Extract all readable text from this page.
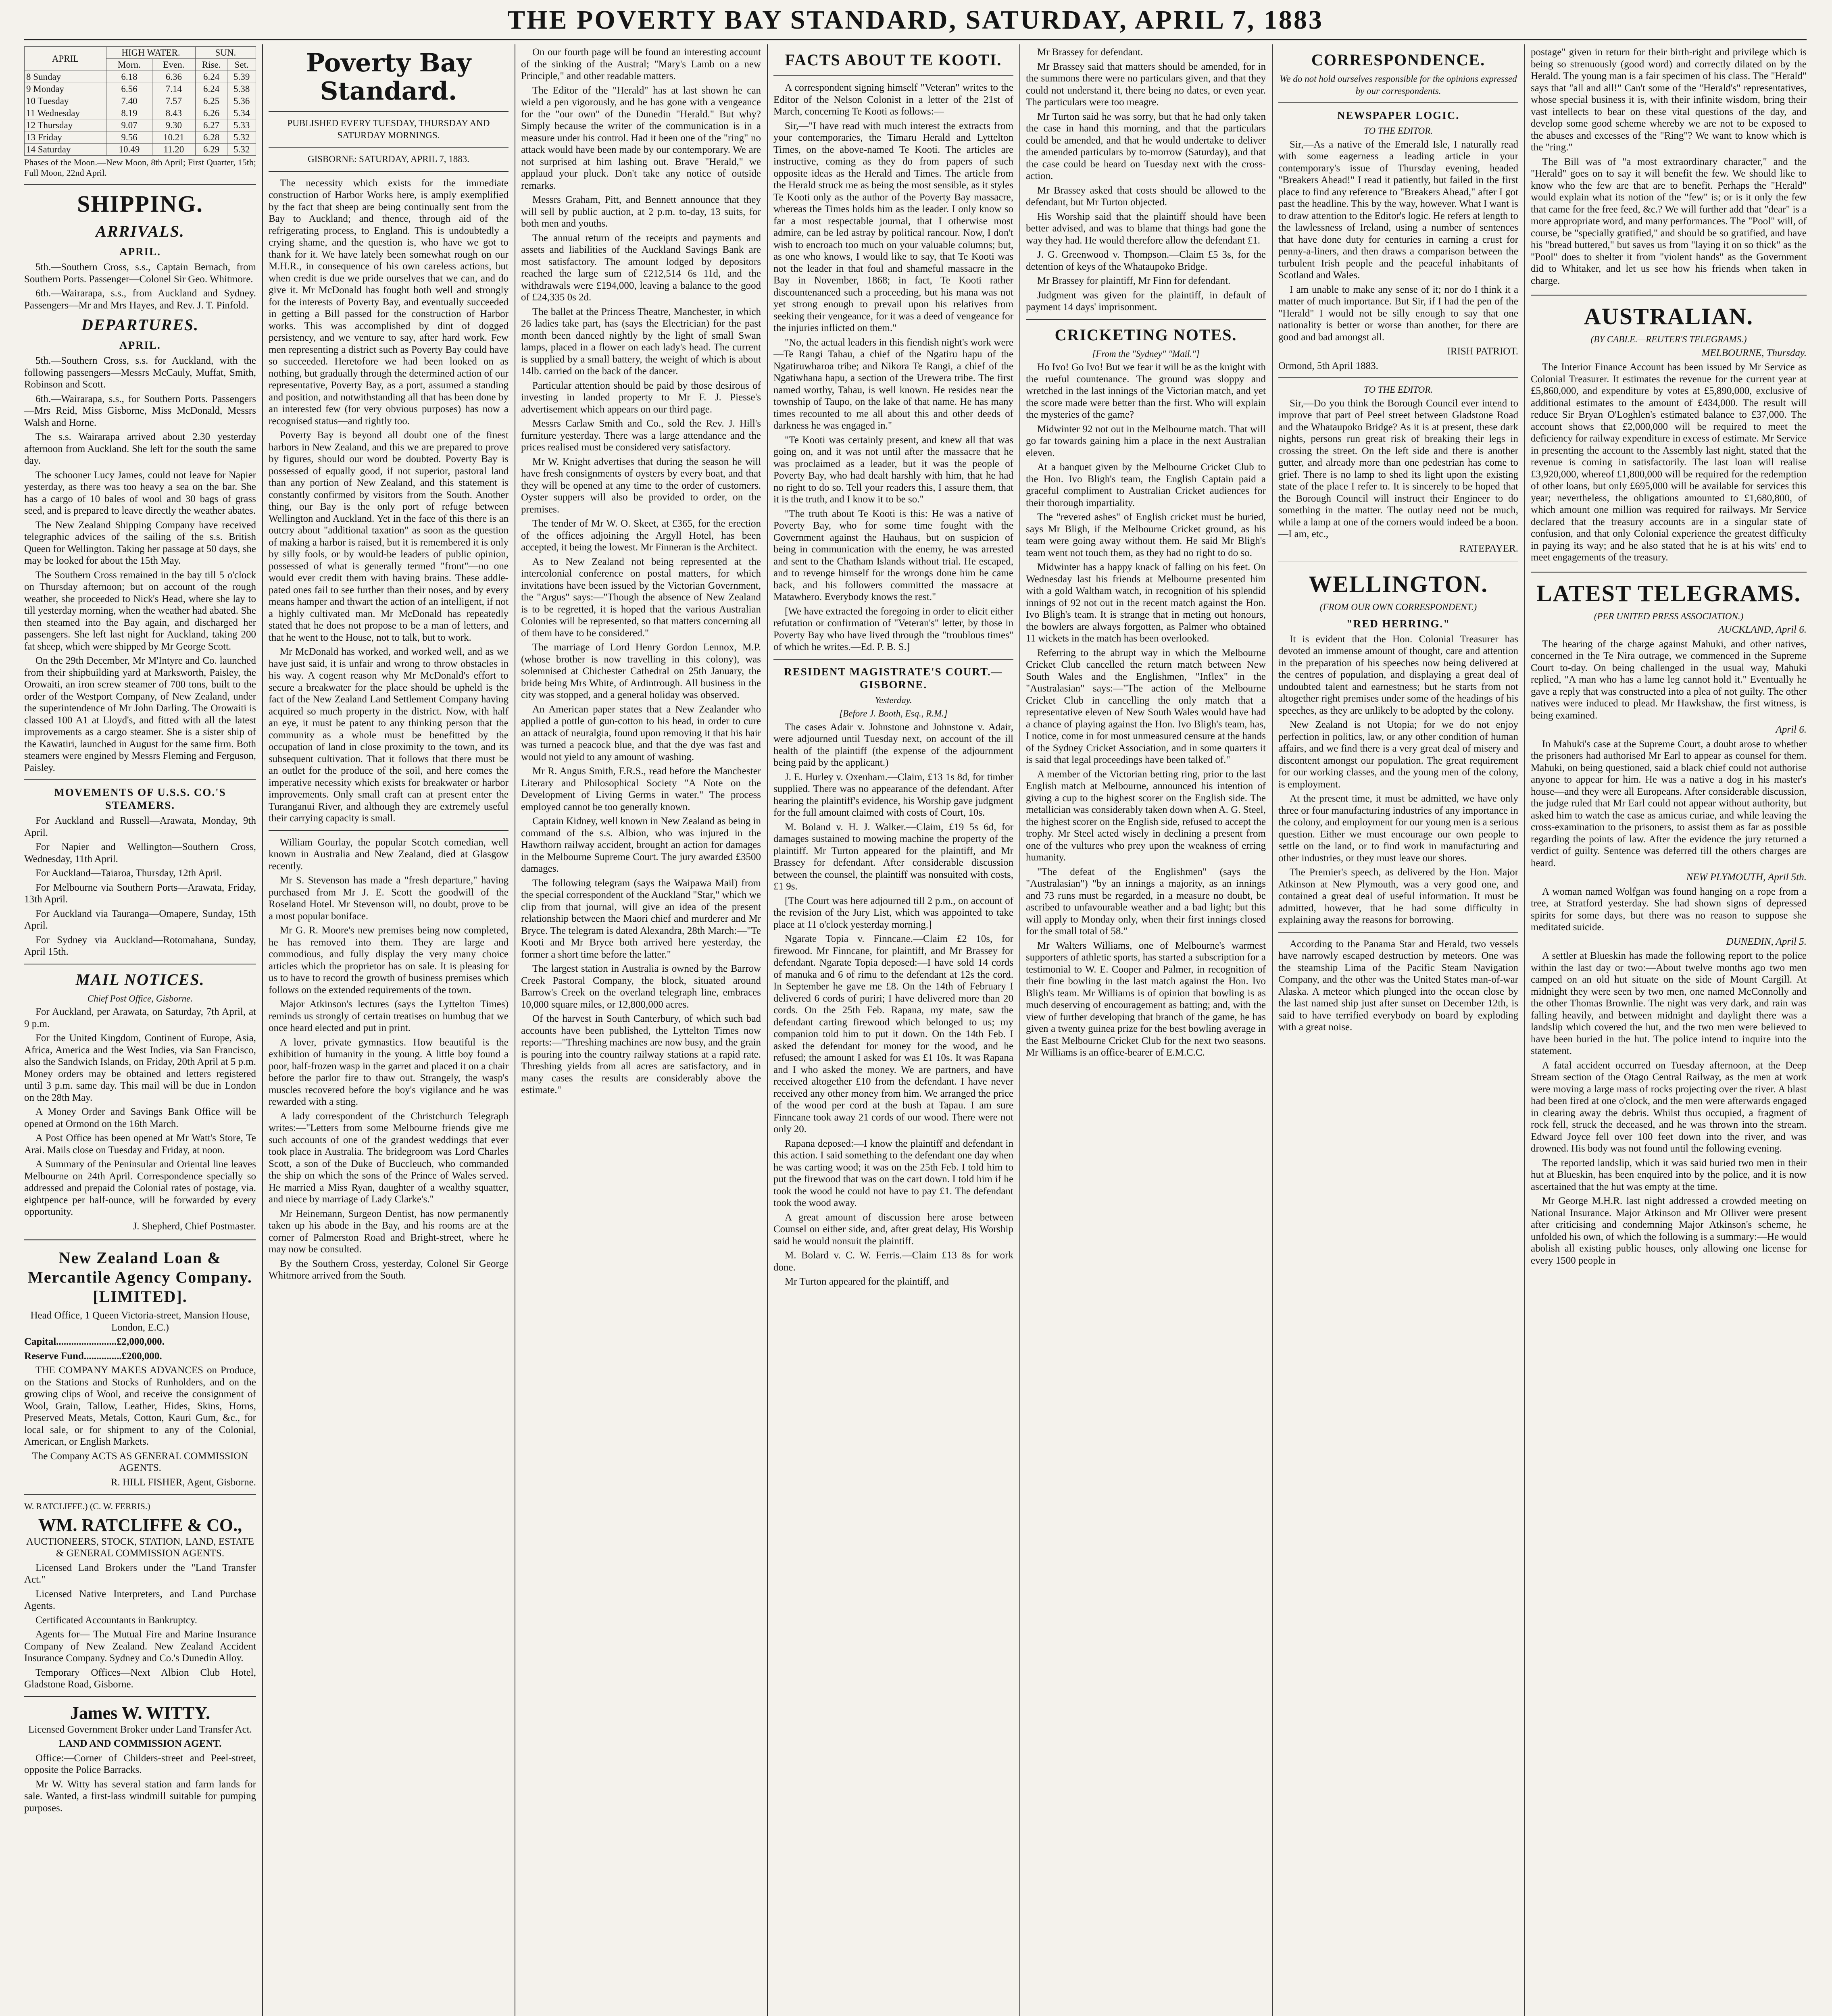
THE POVERTY BAY STANDARD, SATURDAY, APRIL 7, 1883
APRIL	HIGH WATER.		SUN.	
	Morn.	Even.	Rise.	Set.
8 Sunday	6.18	6.36	6.24	5.39
9 Monday	6.56	7.14	6.24	5.38
10 Tuesday	7.40	7.57	6.25	5.36
11 Wednesday	8.19	8.43	6.26	5.34
12 Thursday	9.07	9.30	6.27	5.33
13 Friday	9.56	10.21	6.28	5.32
14 Saturday	10.49	11.20	6.29	5.32

Phases of the Moon.—New Moon, 8th April; First Quarter, 15th; Full Moon, 22nd April.

SHIPPING.
ARRIVALS.
APRIL.

5th.—Southern Cross, s.s., Captain Bernach, from Southern Ports. Passenger—Colonel Sir Geo. Whitmore.

6th.—Wairarapa, s.s., from Auckland and Sydney. Passengers—Mr and Mrs Hayes, and Rev. J. T. Pinfold.

DEPARTURES.
APRIL.

5th.—Southern Cross, s.s. for Auckland, with the following passengers—Messrs McCauly, Muffat, Smith, Robinson and Scott.

6th.—Wairarapa, s.s., for Southern Ports. Passengers—Mrs Reid, Miss Gisborne, Miss McDonald, Messrs Walsh and Horne.

The s.s. Wairarapa arrived about 2.30 yesterday afternoon from Auckland. She left for the south the same day.

The schooner Lucy James, could not leave for Napier yesterday, as there was too heavy a sea on the bar. She has a cargo of 10 bales of wool and 30 bags of grass seed, and is prepared to leave directly the weather abates.

The New Zealand Shipping Company have received telegraphic advices of the sailing of the s.s. British Queen for Wellington. Taking her passage at 50 days, she may be looked for about the 15th May.

The Southern Cross remained in the bay till 5 o'clock on Thursday afternoon; but on account of the rough weather, she proceeded to Nick's Head, where she lay to till yesterday morning, when the weather had abated. She then steamed into the Bay again, and discharged her passengers. She left last night for Auckland, taking 200 fat sheep, which were shipped by Mr George Scott.

On the 29th December, Mr M'Intyre and Co. launched from their shipbuilding yard at Marksworth, Paisley, the Orowaiti, an iron screw steamer of 700 tons, built to the order of the Westport Company, of New Zealand, under the superintendence of Mr John Darling. The Orowaiti is classed 100 A1 at Lloyd's, and fitted with all the latest improvements as a cargo steamer. She is a sister ship of the Kawatiri, launched in August for the same firm. Both steamers were engined by Messrs Fleming and Ferguson, Paisley.

MOVEMENTS OF U.S.S. CO.'S STEAMERS.

For Auckland and Russell—Arawata, Monday, 9th April.

For Napier and Wellington—Southern Cross, Wednesday, 11th April.

For Auckland—Taiaroa, Thursday, 12th April.

For Melbourne via Southern Ports—Arawata, Friday, 13th April.

For Auckland via Tauranga—Omapere, Sunday, 15th April.

For Sydney via Auckland—Rotomahana, Sunday, April 15th.

MAIL NOTICES.
Chief Post Office, Gisborne.

For Auckland, per Arawata, on Saturday, 7th April, at 9 p.m.

For the United Kingdom, Continent of Europe, Asia, Africa, America and the West Indies, via San Francisco, also the Sandwich Islands, on Friday, 20th April at 5 p.m. Money orders may be obtained and letters registered until 3 p.m. same day. This mail will be due in London on the 28th May.

A Money Order and Savings Bank Office will be opened at Ormond on the 16th March.

A Post Office has been opened at Mr Watt's Store, Te Arai. Mails close on Tuesday and Friday, at noon.

A Summary of the Peninsular and Oriental line leaves Melbourne on 24th April. Correspondence specially so addressed and prepaid the Colonial rates of postage, via. eightpence per half-ounce, will be forwarded by every opportunity.

J. Shepherd, Chief Postmaster.

New Zealand Loan & Mercantile Agency Company. [LIMITED].

Head Office, 1 Queen Victoria-street, Mansion House, London, E.C.)

Capital........................£2,000,000.

Reserve Fund...............£200,000.

THE COMPANY MAKES ADVANCES on Produce, on the Stations and Stocks of Runholders, and on the growing clips of Wool, and receive the consignment of Wool, Grain, Tallow, Leather, Hides, Skins, Horns, Preserved Meats, Metals, Cotton, Kauri Gum, &c., for local sale, or for shipment to any of the Colonial, American, or English Markets.

The Company ACTS AS GENERAL COMMISSION AGENTS.

R. HILL FISHER, Agent, Gisborne.

W. RATCLIFFE.) (C. W. FERRIS.)

WM. RATCLIFFE & CO.,

AUCTIONEERS, STOCK, STATION, LAND, ESTATE & GENERAL COMMISSION AGENTS.

Licensed Land Brokers under the "Land Transfer Act."

Licensed Native Interpreters, and Land Purchase Agents.

Certificated Accountants in Bankruptcy.

Agents for— The Mutual Fire and Marine Insurance Company of New Zealand. New Zealand Accident Insurance Company. Sydney and Co.'s Dunedin Alloy.

Temporary Offices—Next Albion Club Hotel, Gladstone Road, Gisborne.

James W. WITTY.

Licensed Government Broker under Land Transfer Act.

LAND AND COMMISSION AGENT.

Office:—Corner of Childers-street and Peel-street, opposite the Police Barracks.

Mr W. Witty has several station and farm lands for sale. Wanted, a first-lass windmill suitable for pumping purposes.

Poverty Bay Standard.

PUBLISHED EVERY TUESDAY, THURSDAY AND SATURDAY MORNINGS.

GISBORNE: SATURDAY, APRIL 7, 1883.

The necessity which exists for the immediate construction of Harbor Works here, is amply exemplified by the fact that sheep are being continually sent from the Bay to Auckland; and thence, through aid of the refrigerating process, to England. This is undoubtedly a crying shame, and the question is, who have we got to thank for it. We have lately been somewhat rough on our M.H.R., in consequence of his own careless actions, but when credit is due we pride ourselves that we can, and do give it. Mr McDonald has fought both well and strongly for the interests of Poverty Bay, and eventually succeeded in getting a Bill passed for the construction of Harbor works. This was accomplished by dint of dogged persistency, and we venture to say, after hard work. Few men representing a district such as Poverty Bay could have so succeeded. Heretofore we had been looked on as nothing, but gradually through the determined action of our representative, Poverty Bay, as a port, assumed a standing and position, and notwithstanding all that has been done by an interested few (for very obvious purposes) has now a recognised status—and rightly too.

Poverty Bay is beyond all doubt one of the finest harbors in New Zealand, and this we are prepared to prove by figures, should our word be doubted. Poverty Bay is possessed of equally good, if not superior, pastoral land than any portion of New Zealand, and this statement is constantly confirmed by visitors from the South. Another thing, our Bay is the only port of refuge between Wellington and Auckland. Yet in the face of this there is an outcry about "additional taxation" as soon as the question of making a harbor is raised, but it is remembered it is only by silly fools, or by would-be leaders of public opinion, possessed of what is generally termed "front"—no one would ever credit them with having brains. These addle-pated ones fail to see further than their noses, and by every means hamper and thwart the action of an intelligent, if not a highly cultivated man. Mr McDonald has repeatedly stated that he does not propose to be a man of letters, and that he went to the House, not to talk, but to work.

Mr McDonald has worked, and worked well, and as we have just said, it is unfair and wrong to throw obstacles in his way. A cogent reason why Mr McDonald's effort to secure a breakwater for the place should be upheld is the fact of the New Zealand Land Settlement Company having acquired so much property in the district. Now, with half an eye, it must be patent to any thinking person that the community as a whole must be benefitted by the occupation of land in close proximity to the town, and its subsequent cultivation. That it follows that there must be an outlet for the produce of the soil, and here comes the imperative necessity which exists for breakwater or harbor improvements. Only small craft can at present enter the Turanganui River, and although they are extremely useful their carrying capacity is small.

William Gourlay, the popular Scotch comedian, well known in Australia and New Zealand, died at Glasgow recently.

Mr S. Stevenson has made a "fresh departure," having purchased from Mr J. E. Scott the goodwill of the Roseland Hotel. Mr Stevenson will, no doubt, prove to be a most popular boniface.

Mr G. R. Moore's new premises being now completed, he has removed into them. They are large and commodious, and fully display the very many choice articles which the proprietor has on sale. It is pleasing for us to have to record the growth of business premises which follows on the extended requirements of the town.

Major Atkinson's lectures (says the Lyttelton Times) reminds us strongly of certain treatises on humbug that we once heard elected and put in print.

A lover, private gymnastics. How beautiful is the exhibition of humanity in the young. A little boy found a poor, half-frozen wasp in the garret and placed it on a chair before the parlor fire to thaw out. Strangely, the wasp's muscles recovered before the boy's vigilance and he was rewarded with a sting.

A lady correspondent of the Christchurch Telegraph writes:—"Letters from some Melbourne friends give me such accounts of one of the grandest weddings that ever took place in Australia. The bridegroom was Lord Charles Scott, a son of the Duke of Buccleuch, who commanded the ship on which the sons of the Prince of Wales served. He married a Miss Ryan, daughter of a wealthy squatter, and niece by marriage of Lady Clarke's."

Mr Heinemann, Surgeon Dentist, has now permanently taken up his abode in the Bay, and his rooms are at the corner of Palmerston Road and Bright-street, where he may now be consulted.

By the Southern Cross, yesterday, Colonel Sir George Whitmore arrived from the South.

On our fourth page will be found an interesting account of the sinking of the Austral; "Mary's Lamb on a new Principle," and other readable matters.

The Editor of the "Herald" has at last shown he can wield a pen vigorously, and he has gone with a vengeance for the "our own" of the Dunedin "Herald." But why? Simply because the writer of the communication is in a measure under his control. Had it been one of the "ring" no attack would have been made by our contemporary. We are not surprised at him lashing out. Brave "Herald," we applaud your pluck. Don't take any notice of outside remarks.

Messrs Graham, Pitt, and Bennett announce that they will sell by public auction, at 2 p.m. to-day, 13 suits, for both men and youths.

The annual return of the receipts and payments and assets and liabilities of the Auckland Savings Bank are most satisfactory. The amount lodged by depositors reached the large sum of £212,514 6s 11d, and the withdrawals were £194,000, leaving a balance to the good of £24,335 0s 2d.

The ballet at the Princess Theatre, Manchester, in which 26 ladies take part, has (says the Electrician) for the past month been danced nightly by the light of small Swan lamps, placed in a flower on each lady's head. The current is supplied by a small battery, the weight of which is about 14lb. carried on the back of the dancer.

Particular attention should be paid by those desirous of investing in landed property to Mr F. J. Piesse's advertisement which appears on our third page.

Messrs Carlaw Smith and Co., sold the Rev. J. Hill's furniture yesterday. There was a large attendance and the prices realised must be considered very satisfactory.

Mr W. Knight advertises that during the season he will have fresh consignments of oysters by every boat, and that they will be opened at any time to the order of customers. Oyster suppers will also be provided to order, on the premises.

The tender of Mr W. O. Skeet, at £365, for the erection of the offices adjoining the Argyll Hotel, has been accepted, it being the lowest. Mr Finneran is the Architect.

As to New Zealand not being represented at the intercolonial conference on postal matters, for which invitations have been issued by the Victorian Government, the "Argus" says:—"Though the absence of New Zealand is to be regretted, it is hoped that the various Australian Colonies will be represented, so that matters concerning all of them have to be considered."

The marriage of Lord Henry Gordon Lennox, M.P. (whose brother is now travelling in this colony), was solemnised at Chichester Cathedral on 25th January, the bride being Mrs White, of Ardintrough. All business in the city was stopped, and a general holiday was observed.

An American paper states that a New Zealander who applied a pottle of gun-cotton to his head, in order to cure an attack of neuralgia, found upon removing it that his hair was turned a peacock blue, and that the dye was fast and would not yield to any amount of washing.

Mr R. Angus Smith, F.R.S., read before the Manchester Literary and Philosophical Society "A Note on the Development of Living Germs in water." The process employed cannot be too generally known.

Captain Kidney, well known in New Zealand as being in command of the s.s. Albion, who was injured in the Hawthorn railway accident, brought an action for damages in the Melbourne Supreme Court. The jury awarded £3500 damages.

The following telegram (says the Waipawa Mail) from the special correspondent of the Auckland "Star," which we clip from that journal, will give an idea of the present relationship between the Maori chief and murderer and Mr Bryce. The telegram is dated Alexandra, 28th March:—"Te Kooti and Mr Bryce both arrived here yesterday, the former a short time before the latter."

The largest station in Australia is owned by the Barrow Creek Pastoral Company, the block, situated around Barrow's Creek on the overland telegraph line, embraces 10,000 square miles, or 12,800,000 acres.

Of the harvest in South Canterbury, of which such bad accounts have been published, the Lyttelton Times now reports:—"Threshing machines are now busy, and the grain is pouring into the country railway stations at a rapid rate. Threshing yields from all acres are satisfactory, and in many cases the results are considerably above the estimate."

FACTS ABOUT TE KOOTI.

A correspondent signing himself "Veteran" writes to the Editor of the Nelson Colonist in a letter of the 21st of March, concerning Te Kooti as follows:—

Sir,—"I have read with much interest the extracts from your contemporaries, the Timaru Herald and Lyttelton Times, on the above-named Te Kooti. The articles are instructive, coming as they do from papers of such opposite ideas as the Herald and Times. The article from the Herald struck me as being the most sensible, as it styles Te Kooti only as the author of the Poverty Bay massacre, whereas the Times holds him as the leader. I only know so far a most respectable journal, that I otherwise most admire, can be led astray by political rancour. Now, I don't wish to encroach too much on your valuable columns; but, as one who knows, I would like to say, that Te Kooti was not the leader in that foul and shameful massacre in the Bay in November, 1868; in fact, Te Kooti rather discountenanced such a proceeding, but his mana was not yet strong enough to prevail upon his relatives from seeking their vengeance, for it was a deed of vengeance for the injuries inflicted on them."

"No, the actual leaders in this fiendish night's work were—Te Rangi Tahau, a chief of the Ngatiru hapu of the Ngatiruwharoa tribe; and Nikora Te Rangi, a chief of the Ngatiwhana hapu, a section of the Urewera tribe. The first named worthy, Tahau, is well known. He resides near the township of Taupo, on the lake of that name. He has many times recounted to me all about this and other deeds of darkness he was engaged in."

"Te Kooti was certainly present, and knew all that was going on, and it was not until after the massacre that he was proclaimed as a leader, but it was the people of Poverty Bay, who had dealt harshly with him, that he had no right to do so. Tell your readers this, I assure them, that it is the truth, and I know it to be so."

"The truth about Te Kooti is this: He was a native of Poverty Bay, who for some time fought with the Government against the Hauhaus, but on suspicion of being in communication with the enemy, he was arrested and sent to the Chatham Islands without trial. He escaped, and to revenge himself for the wrongs done him he came back, and his followers committed the massacre at Matawhero. Everybody knows the rest."

[We have extracted the foregoing in order to elicit either refutation or confirmation of "Veteran's" letter, by those in Poverty Bay who have lived through the "troublous times" of which he writes.—Ed. P. B. S.]

RESIDENT MAGISTRATE'S COURT.—GISBORNE.
Yesterday.
[Before J. Booth, Esq., R.M.]

The cases Adair v. Johnstone and Johnstone v. Adair, were adjourned until Tuesday next, on account of the ill health of the plaintiff (the expense of the adjournment being paid by the applicant.)

J. E. Hurley v. Oxenham.—Claim, £13 1s 8d, for timber supplied. There was no appearance of the defendant. After hearing the plaintiff's evidence, his Worship gave judgment for the full amount claimed with costs of Court, 10s.

M. Boland v. H. J. Walker.—Claim, £19 5s 6d, for damages sustained to mowing machine the property of the plaintiff. Mr Turton appeared for the plaintiff, and Mr Brassey for defendant. After considerable discussion between the counsel, the plaintiff was nonsuited with costs, £1 9s.

[The Court was here adjourned till 2 p.m., on account of the revision of the Jury List, which was appointed to take place at 11 o'clock yesterday morning.]

Ngarate Topia v. Finncane.—Claim £2 10s, for firewood. Mr Finncane, for plaintiff, and Mr Brassey for defendant. Ngarate Topia deposed:—I have sold 14 cords of manuka and 6 of rimu to the defendant at 12s the cord. In September he gave me £8. On the 14th of February I delivered 6 cords of puriri; I have delivered more than 20 cords. On the 25th Feb. Rapana, my mate, saw the defendant carting firewood which belonged to us; my companion told him to put it down. On the 14th Feb. I asked the defendant for money for the wood, and he refused; the amount I asked for was £1 10s. It was Rapana and I who asked the money. We are partners, and have received altogether £10 from the defendant. I have never received any other money from him. We arranged the price of the wood per cord at the bush at Tapau. I am sure Finncane took away 21 cords of our wood. There were not only 20.

Rapana deposed:—I know the plaintiff and defendant in this action. I said something to the defendant one day when he was carting wood; it was on the 25th Feb. I told him to put the firewood that was on the cart down. I told him if he took the wood he could not have to pay £1. The defendant took the wood away.

A great amount of discussion here arose between Counsel on either side, and, after great delay, His Worship said he would nonsuit the plaintiff.

M. Bolard v. C. W. Ferris.—Claim £13 8s for work done.

Mr Turton appeared for the plaintiff, and

Mr Brassey for defendant.

Mr Brassey said that matters should be amended, for in the summons there were no particulars given, and that they could not understand it, there being no dates, or even year. The particulars were too meagre.

Mr Turton said he was sorry, but that he had only taken the case in hand this morning, and that the particulars could be amended, and that he would undertake to deliver the amended particulars by to-morrow (Saturday), and that the case could be heard on Tuesday next with the cross-action.

Mr Brassey asked that costs should be allowed to the defendant, but Mr Turton objected.

His Worship said that the plaintiff should have been better advised, and was to blame that things had gone the way they had. He would therefore allow the defendant £1.

J. G. Greenwood v. Thompson.—Claim £5 3s, for the detention of keys of the Whataupoko Bridge.

Mr Brassey for plaintiff, Mr Finn for defendant.

Judgment was given for the plaintiff, in default of payment 14 days' imprisonment.

CRICKETING NOTES.
[From the "Sydney" "Mail."]

Ho Ivo! Go Ivo! But we fear it will be as the knight with the rueful countenance. The ground was sloppy and wretched in the last innings of the Victorian match, and yet the score made were better than the first. Who will explain the mysteries of the game?

Midwinter 92 not out in the Melbourne match. That will go far towards gaining him a place in the next Australian eleven.

At a banquet given by the Melbourne Cricket Club to the Hon. Ivo Bligh's team, the English Captain paid a graceful compliment to Australian Cricket audiences for their thorough impartiality.

The "revered ashes" of English cricket must be buried, says Mr Bligh, if the Melbourne Cricket ground, as his team were going away without them. He said Mr Bligh's team went not touch them, as they had no right to do so.

Midwinter has a happy knack of falling on his feet. On Wednesday last his friends at Melbourne presented him with a gold Waltham watch, in recognition of his splendid innings of 92 not out in the recent match against the Hon. Ivo Bligh's team. It is strange that in meting out honours, the bowlers are always forgotten, as Palmer who obtained 11 wickets in the match has been overlooked.

Referring to the abrupt way in which the Melbourne Cricket Club cancelled the return match between New South Wales and the Englishmen, "Inflex" in the "Australasian" says:—"The action of the Melbourne Cricket Club in cancelling the only match that a representative eleven of New South Wales would have had a chance of playing against the Hon. Ivo Bligh's team, has, I notice, come in for most unmeasured censure at the hands of the Sydney Cricket Association, and in some quarters it is said that legal proceedings have been talked of."

A member of the Victorian betting ring, prior to the last English match at Melbourne, announced his intention of giving a cup to the highest scorer on the English side. The metallician was considerably taken down when A. G. Steel, the highest scorer on the English side, refused to accept the trophy. Mr Steel acted wisely in declining a present from one of the vultures who prey upon the weakness of erring humanity.

"The defeat of the Englishmen" (says the "Australasian") "by an innings a majority, as an innings and 73 runs must be regarded, in a measure no doubt, be ascribed to unfavourable weather and a bad light; but this will apply to Monday only, when their first innings closed for the small total of 58."

Mr Walters Williams, one of Melbourne's warmest supporters of athletic sports, has started a subscription for a testimonial to W. E. Cooper and Palmer, in recognition of their fine bowling in the last match against the Hon. Ivo Bligh's team. Mr Williams is of opinion that bowling is as much deserving of encouragement as batting; and, with the view of further developing that branch of the game, he has given a twenty guinea prize for the best bowling average in the East Melbourne Cricket Club for the next two seasons. Mr Williams is an office-bearer of E.M.C.C.

CORRESPONDENCE.
We do not hold ourselves responsible for the opinions expressed by our correspondents.
NEWSPAPER LOGIC.
TO THE EDITOR.

Sir,—As a native of the Emerald Isle, I naturally read with some eagerness a leading article in your contemporary's issue of Thursday evening, headed "Breakers Ahead!" I read it patiently, but failed in the first place to find any reference to "Breakers Ahead," after I got past the headline. This by the way, however. What I want is to draw attention to the Editor's logic. He refers at length to the lawlessness of Ireland, using a number of sentences that have done duty for centuries in earning a crust for penny-a-liners, and then draws a comparison between the turbulent Irish people and the peaceful inhabitants of Scotland and Wales.

I am unable to make any sense of it; nor do I think it a matter of much importance. But Sir, if I had the pen of the "Herald" I would not be silly enough to say that one nationality is better or worse than another, for there are good and bad amongst all.

IRISH PATRIOT.

Ormond, 5th April 1883.

TO THE EDITOR.

Sir,—Do you think the Borough Council ever intend to improve that part of Peel street between Gladstone Road and the Whataupoko Bridge? As it is at present, these dark nights, persons run great risk of breaking their legs in crossing the street. On the left side and there is another gutter, and already more than one pedestrian has come to grief. There is no lamp to shed its light upon the existing state of the place I refer to. It is sincerely to be hoped that the Borough Council will instruct their Engineer to do something in the matter. The outlay need not be much, while a lamp at one of the corners would indeed be a boon.—I am, etc.,

RATEPAYER.

WELLINGTON.
(FROM OUR OWN CORRESPONDENT.)
"RED HERRING."

It is evident that the Hon. Colonial Treasurer has devoted an immense amount of thought, care and attention in the preparation of his speeches now being delivered at the centres of population, and displaying a great deal of undoubted talent and earnestness; but he starts from not altogether right premises under some of the headings of his speeches, as they are unlikely to be adopted by the colony.

New Zealand is not Utopia; for we do not enjoy perfection in politics, law, or any other condition of human affairs, and we find there is a very great deal of misery and discontent amongst our population. The great requirement for our working classes, and the young men of the colony, is employment.

At the present time, it must be admitted, we have only three or four manufacturing industries of any importance in the colony, and employment for our young men is a serious question. Either we must encourage our own people to settle on the land, or to find work in manufacturing and other industries, or they must leave our shores.

The Premier's speech, as delivered by the Hon. Major Atkinson at New Plymouth, was a very good one, and contained a great deal of useful information. It must be admitted, however, that he had some difficulty in explaining away the reasons for borrowing.

According to the Panama Star and Herald, two vessels have narrowly escaped destruction by meteors. One was the steamship Lima of the Pacific Steam Navigation Company, and the other was the United States man-of-war Alaska. A meteor which plunged into the ocean close by the last named ship just after sunset on December 12th, is said to have terrified everybody on board by exploding with a great noise.

postage" given in return for their birth-right and privilege which is being so strenuously (good word) and correctly dilated on by the Herald. The young man is a fair specimen of his class. The "Herald" says that "all and all!" Can't some of the "Herald's" representatives, whose special business it is, with their infinite wisdom, bring their vast intellects to bear on these vital questions of the day, and develop some good scheme whereby we are not to be exposed to the abuses and excesses of the "Ring"? We want to know which is the "ring."

The Bill was of "a most extraordinary character," and the "Herald" goes on to say it will benefit the few. We should like to know who the few are that are to benefit. Perhaps the "Herald" would explain what its notion of the "few" is; or is it only the few that came for the free feed, &c.? We will further add that "dear" is a more appropriate word, and many performances. The "Pool" will, of course, be "specially gratified," and should be so gratified, and have his "bread buttered," but saves us from "laying it on so thick" as the "Pool" does to shelter it from "violent hands" as the Government did to Whitaker, and let us see how his friends when taken in charge.

AUSTRALIAN.
(BY CABLE.—REUTER'S TELEGRAMS.)

MELBOURNE, Thursday.

The Interior Finance Account has been issued by Mr Service as Colonial Treasurer. It estimates the revenue for the current year at £5,860,000, and expenditure by votes at £5,890,000, exclusive of additional estimates to the amount of £434,000. The result will reduce Sir Bryan O'Loghlen's estimated balance to £37,000. The account shows that £2,000,000 will be required to meet the deficiency for railway expenditure in excess of estimate. Mr Service in presenting the account to the Assembly last night, stated that the revenue is coming in satisfactorily. The last loan will realise £3,920,000, whereof £1,800,000 will be required for the redemption of other loans, but only £695,000 will be available for services this year; nevertheless, the obligations amounted to £1,680,800, of which amount one million was required for railways. Mr Service declared that the treasury accounts are in a singular state of confusion, and that only Colonial experience the greatest difficulty in paying its way; and he also stated that he is at his wits' end to meet engagements of the treasury.

LATEST TELEGRAMS.
(PER UNITED PRESS ASSOCIATION.)

AUCKLAND, April 6.

The hearing of the charge against Mahuki, and other natives, concerned in the Te Nira outrage, we commenced in the Supreme Court to-day. On being challenged in the usual way, Mahuki replied, "A man who has a lame leg cannot hold it." Eventually he gave a reply that was constructed into a plea of not guilty. The other natives were induced to plead. Mr Hawkshaw, the first witness, is being examined.

April 6.

In Mahuki's case at the Supreme Court, a doubt arose to whether the prisoners had authorised Mr Earl to appear as counsel for them. Mahuki, on being questioned, said a black chief could not authorise anyone to appear for him. He was a native a dog in his master's house—and they were all Europeans. After considerable discussion, the judge ruled that Mr Earl could not appear without authority, but asked him to watch the case as amicus curiae, and while leaving the cross-examination to the prisoners, to assist them as far as possible regarding the points of law. After the evidence the jury returned a verdict of guilty. Sentence was deferred till the others charges are heard.

NEW PLYMOUTH, April 5th.

A woman named Wolfgan was found hanging on a rope from a tree, at Stratford yesterday. She had shown signs of depressed spirits for some days, but there was no reason to suppose she meditated suicide.

DUNEDIN, April 5.

A settler at Blueskin has made the following report to the police within the last day or two:—About twelve months ago two men camped on an old hut situate on the side of Mount Cargill. At midnight they were seen by two men, one named McConnolly and the other Thomas Brownlie. The night was very dark, and rain was falling heavily, and between midnight and daylight there was a landslip which covered the hut, and the two men were believed to have been buried in the hut. The police intend to inquire into the statement.

A fatal accident occurred on Tuesday afternoon, at the Deep Stream section of the Otago Central Railway, as the men at work were moving a large mass of rocks projecting over the river. A blast had been fired at one o'clock, and the men were afterwards engaged in clearing away the debris. Whilst thus occupied, a fragment of rock fell, struck the deceased, and he was thrown into the stream. Edward Joyce fell over 100 feet down into the river, and was drowned. His body was not found until the following evening.

The reported landslip, which it was said buried two men in their hut at Blueskin, has been enquired into by the police, and it is now ascertained that the hut was empty at the time.

Mr George M.H.R. last night addressed a crowded meeting on National Insurance. Major Atkinson and Mr Olliver were present after criticising and condemning Major Atkinson's scheme, he unfolded his own, of which the following is a summary:—He would abolish all existing public houses, only allowing one license for every 1500 people in
